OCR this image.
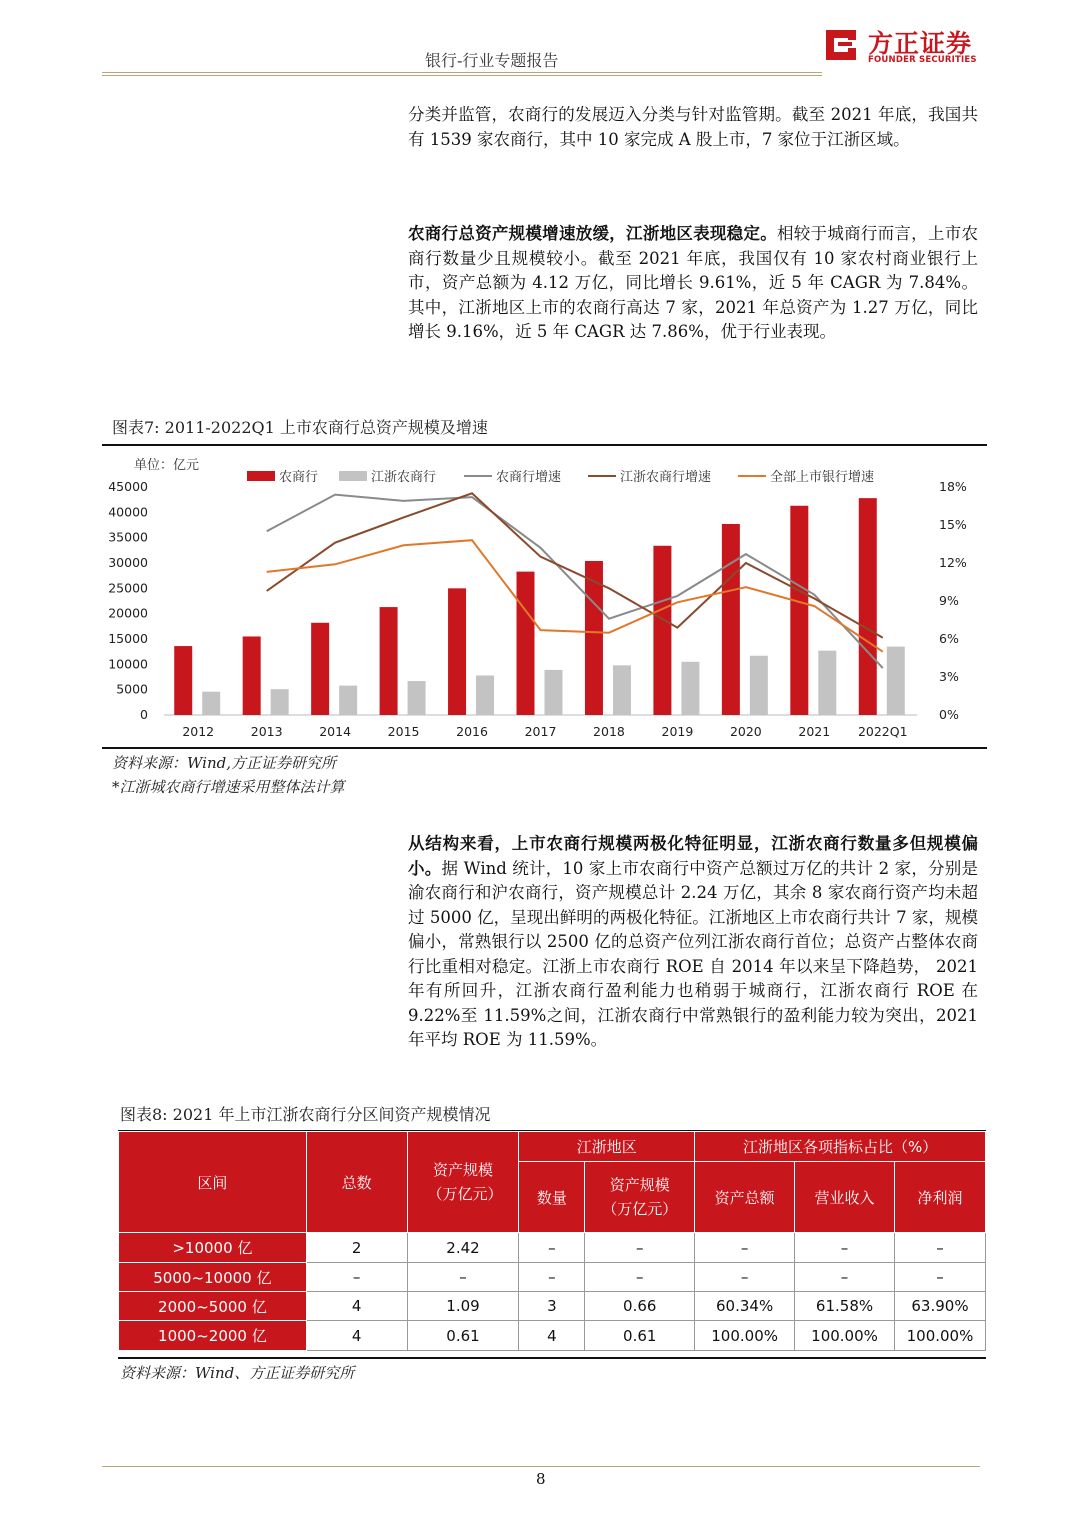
银行-行业专题报告
方正证券
FOUNDER SECURITIES
分类并监管，农商行的发展迈入分类与针对监管期。截至 2021 年底，我国共有 1539 家农商行，其中 10 家完成 A 股上市，7 家位于江浙区域。
农商行总资产规模增速放缓，江浙地区表现稳定。相较于城商行而言，上市农商行数量少且规模较小。截至 2021 年底，我国仅有 10 家农村商业银行上市，资产总额为 4.12 万亿，同比增长 9.61%，近 5 年 CAGR 为 7.84%。其中，江浙地区上市的农商行高达 7 家，2021 年总资产为 1.27 万亿，同比增长 9.16%，近 5 年 CAGR 达 7.86%，优于行业表现。
图表7: 2011-2022Q1 上市农商行总资产规模及增速
单位：亿元
农商行	江浙农商行	农商行增速	江浙农商行增速	全部上市银行增速
0
5000
10000
15000
20000
25000
30000
35000
40000
45000
0%
3%
6%
9%
12%
15%
18%
2012	2013	2014	2015	2016	2017	2018	2019	2020	2021 2022Q1
资料来源：Wind,方正证券研究所
*江浙城农商行增速采用整体法计算
从结构来看，上市农商行规模两极化特征明显，江浙农商行数量多但规模偏小。据 Wind 统计，10 家上市农商行中资产总额过万亿的共计 2 家，分别是渝农商行和沪农商行，资产规模总计 2.24 万亿，其余 8 家农商行资产均未超过 5000 亿，呈现出鲜明的两极化特征。江浙地区上市农商行共计 7 家，规模偏小，常熟银行以 2500 亿的总资产位列江浙农商行首位；总资产占整体农商行比重相对稳定。江浙上市农商行 ROE 自 2014 年以来呈下降趋势， 2021 年有所回升，江浙农商行盈利能力也稍弱于城商行，江浙农商行 ROE 在 9.22%至 11.59%之间，江浙农商行中常熟银行的盈利能力较为突出，2021 年平均 ROE 为 11.59%。
图表8: 2021 年上市江浙农商行分区间资产规模情况
区间	总数	资产规模（万亿元）	江浙地区		江浙地区各项指标占比（%）		
			数量	资产规模（万亿元）	资产总额	营业收入	净利润
>10000 亿	2	2.42	–	–	–	–	–
5000~10000 亿	–	–	–	–	–	–	–
2000~5000 亿	4	1.09	3	0.66	60.34%	61.58%	63.90%
1000~2000 亿	4	0.61	4	0.61	100.00%	100.00%	100.00%
资料来源：Wind、方正证券研究所
8
